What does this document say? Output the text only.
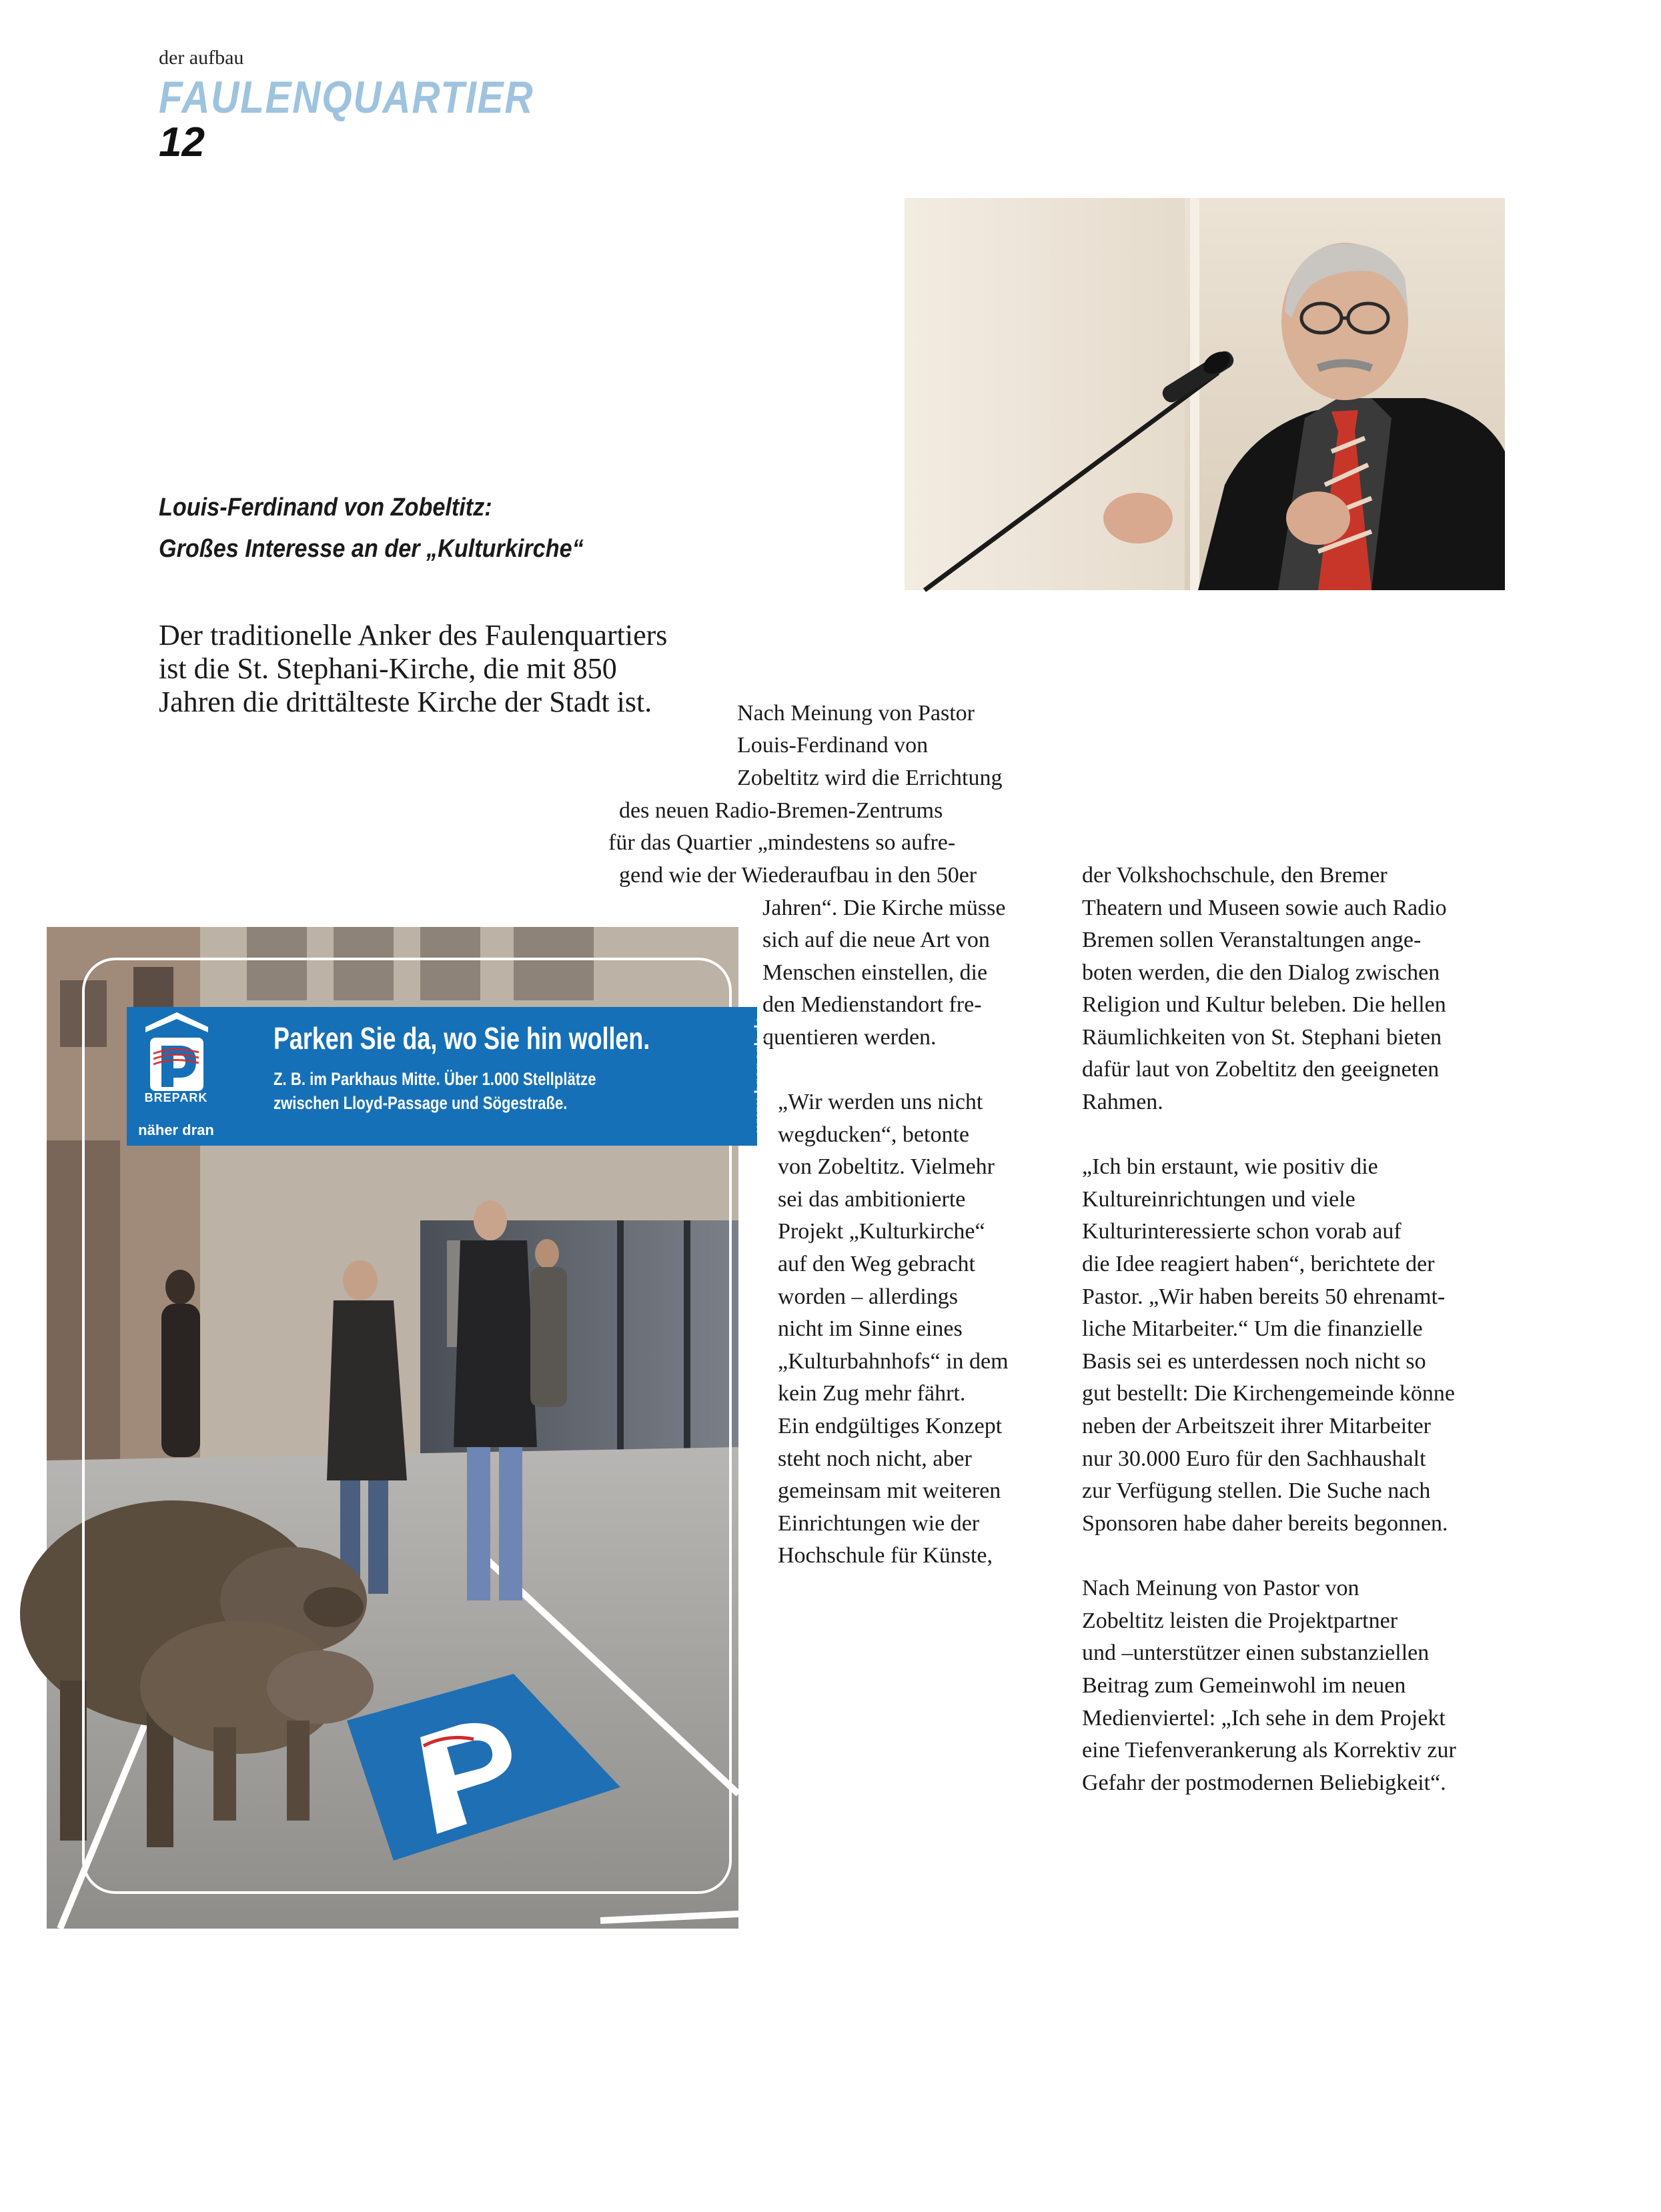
der aufbau
FAULENQUARTIER
12
Louis-Ferdinand von Zobeltitz:
Großes Interesse an der „Kulturkirche“
Der traditionelle Anker des Faulenquartiers
ist die St. Stephani-Kirche, die mit 850
Jahren die drittälteste Kirche der Stadt ist.	Nach Meinung von Pastor
Louis-Ferdinand von
Zobeltitz wird die Errichtung
des neuen Radio-Bremen-Zentrums
für das Quartier „mindestens so aufre-
gend wie der Wiederaufbau in den 50er
Jahren“. Die Kirche müsse
sich auf die neue Art von
Menschen einstellen, die
den Medienstandort fre-
quentieren werden.
„Wir werden uns nicht
wegducken“, betonte
von Zobeltitz. Vielmehr
sei das ambitionierte
Projekt „Kulturkirche“
auf den Weg gebracht
worden – allerdings
nicht im Sinne eines
„Kulturbahnhofs“ in dem
kein Zug mehr fährt.
Ein endgültiges Konzept
steht noch nicht, aber
gemeinsam mit weiteren
Einrichtungen wie der
Hochschule für Künste,
der Volkshochschule, den Bremer
Theatern und Museen sowie auch Radio
Bremen sollen Veranstaltungen ange-
boten werden, die den Dialog zwischen
Religion und Kultur beleben. Die hellen
Räumlichkeiten von St. Stephani bieten
dafür laut von Zobeltitz den geeigneten
Rahmen.
„Ich bin erstaunt, wie positiv die
Kultureinrichtungen und viele
Kulturinteressierte schon vorab auf
die Idee reagiert haben“, berichtete der
Pastor. „Wir haben bereits 50 ehrenamt-
liche Mitarbeiter.“ Um die finanzielle
Basis sei es unterdessen noch nicht so
gut bestellt: Die Kirchengemeinde könne
neben der Arbeitszeit ihrer Mitarbeiter
nur 30.000 Euro für den Sachhaushalt
zur Verfügung stellen. Die Suche nach
Sponsoren habe daher bereits begonnen.
Nach Meinung von Pastor von
Zobeltitz leisten die Projektpartner
und –unterstützer einen substanziellen
Beitrag zum Gemeinwohl im neuen
Medienviertel: „Ich sehe in dem Projekt
eine Tiefenverankerung als Korrektiv zur
Gefahr der postmodernen Beliebigkeit“.
BREPARK
näher dran
Parken Sie da, wo Sie hin wollen.
Z. B. im Parkhaus Mitte. Über 1.000 Stellplätze
zwischen Lloyd-Passage und Sögestraße.	www.brepark.de
